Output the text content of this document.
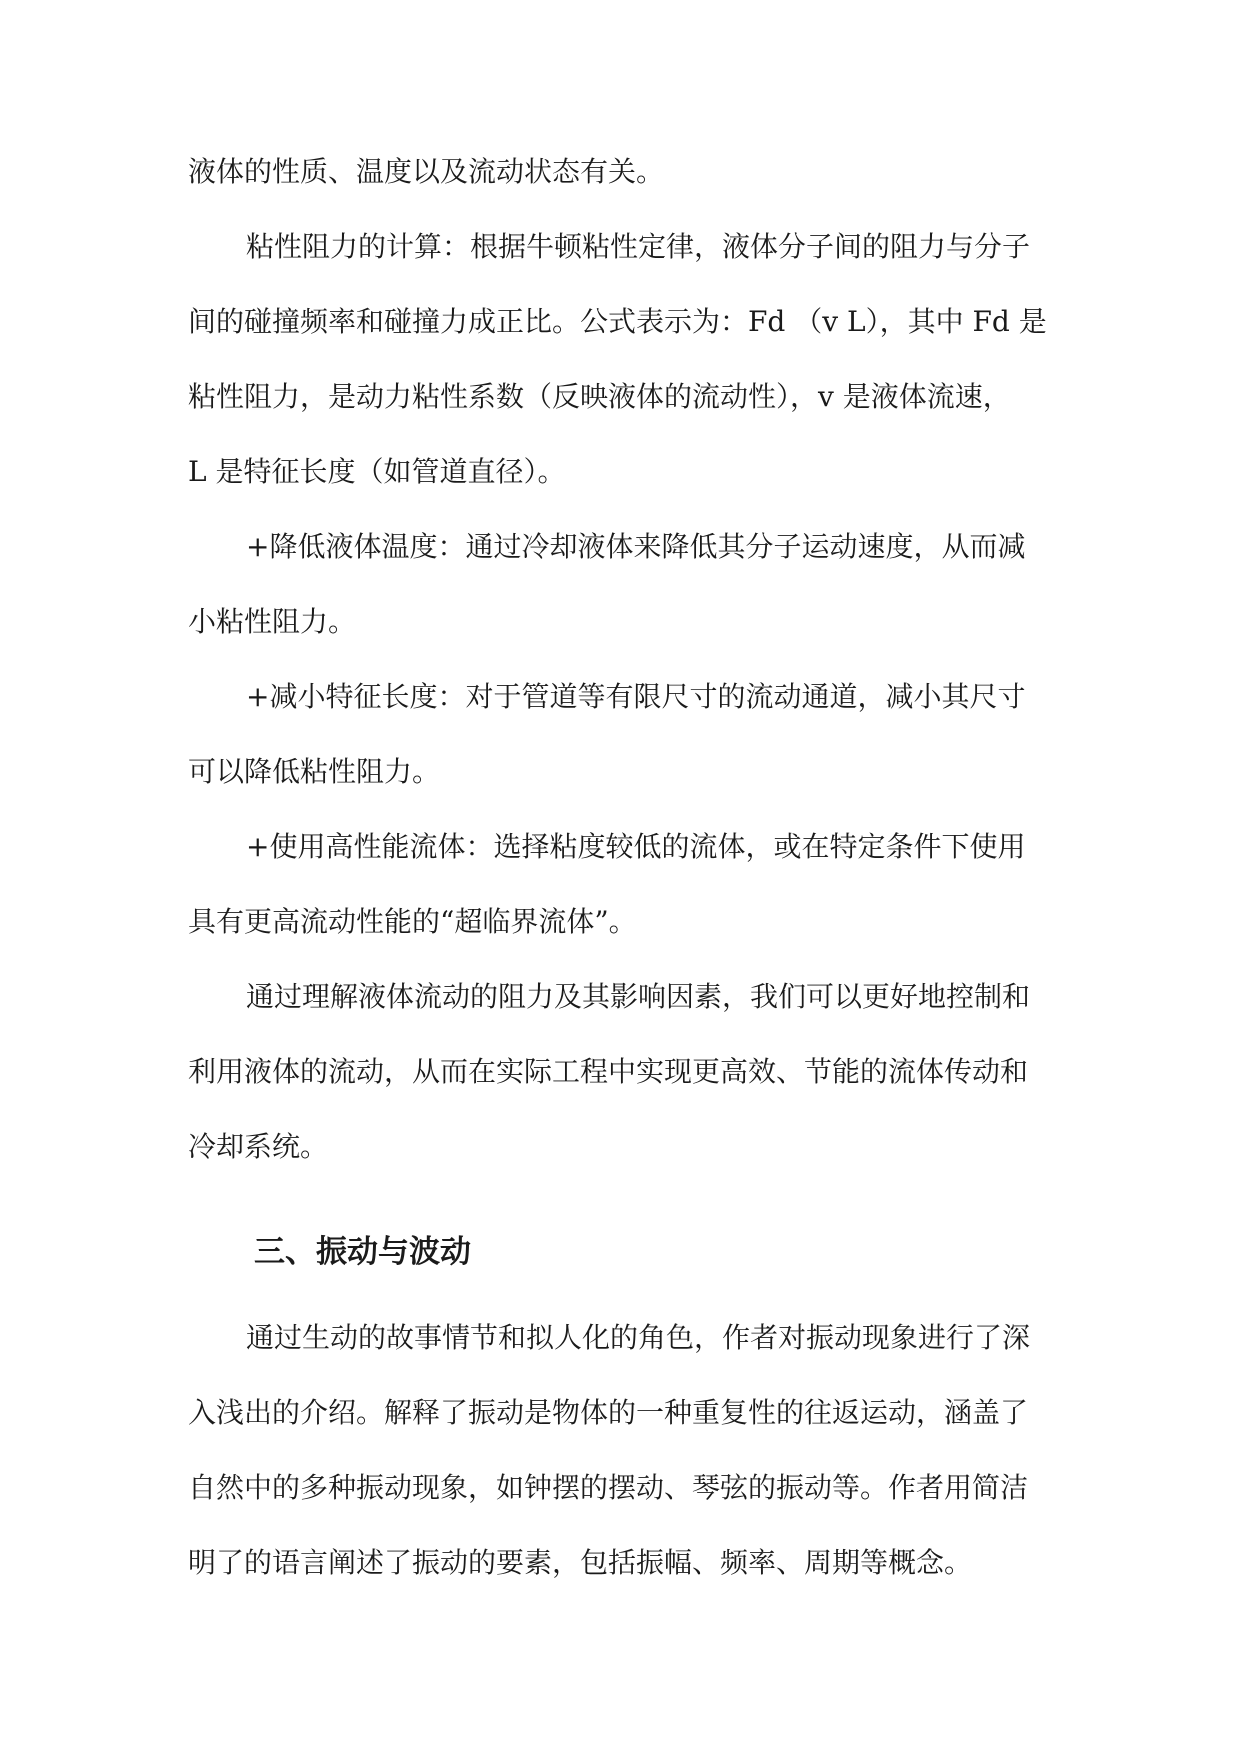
液体的性质、温度以及流动状态有关。
粘性阻力的计算：根据牛顿粘性定律，液体分子间的阻力与分子
间的碰撞频率和碰撞力成正比。公式表示为：Fd （v L），其中 Fd 是
粘性阻力，是动力粘性系数（反映液体的流动性），v 是液体流速，
L 是特征长度（如管道直径）。
+降低液体温度：通过冷却液体来降低其分子运动速度，从而减
小粘性阻力。
+减小特征长度：对于管道等有限尺寸的流动通道，减小其尺寸
可以降低粘性阻力。
+使用高性能流体：选择粘度较低的流体，或在特定条件下使用
具有更高流动性能的“超临界流体”。
通过理解液体流动的阻力及其影响因素，我们可以更好地控制和
利用液体的流动，从而在实际工程中实现更高效、节能的流体传动和
冷却系统。
三、振动与波动
通过生动的故事情节和拟人化的角色，作者对振动现象进行了深
入浅出的介绍。解释了振动是物体的一种重复性的往返运动，涵盖了
自然中的多种振动现象，如钟摆的摆动、琴弦的振动等。作者用简洁
明了的语言阐述了振动的要素，包括振幅、频率、周期等概念。
